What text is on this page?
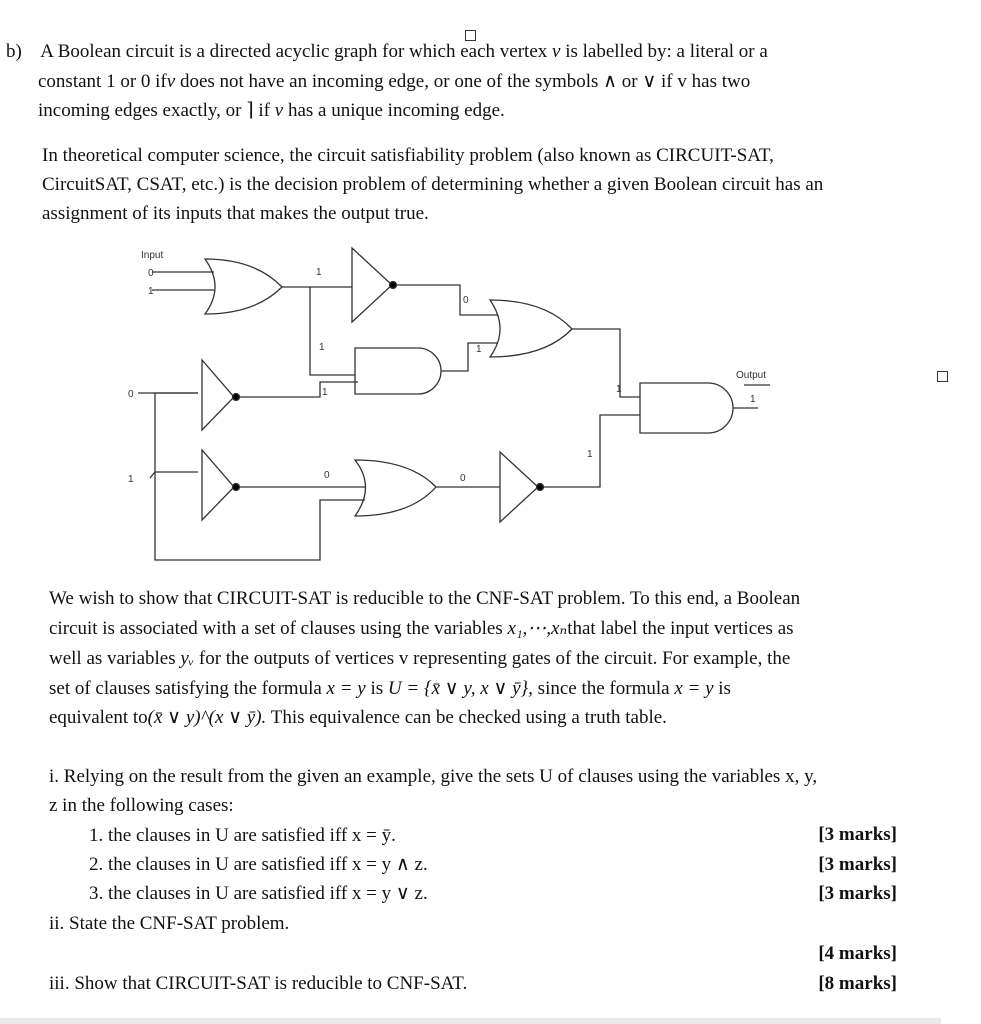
b) A Boolean circuit is a directed acyclic graph for which each vertex v is labelled by: a literal or a
constant 1 or 0 ifv does not have an incoming edge, or one of the symbols ∧ or ∨ if v has two
incoming edges exactly, or ⌉ if v has a unique incoming edge.
In theoretical computer science, the circuit satisfiability problem (also known as CIRCUIT-SAT,
CircuitSAT, CSAT, etc.) is the decision problem of determining whether a given Boolean circuit has an
assignment of its inputs that makes the output true.
Input
0
1
0
1
1
0
1
1
1
0	0
1
1
Output
1
We wish to show that CIRCUIT-SAT is reducible to the CNF-SAT problem. To this end, a Boolean
circuit is associated with a set of clauses using the variables x₁,⋯,xₙthat label the input vertices as
well as variables yᵥ for the outputs of vertices v representing gates of the circuit. For example, the
set of clauses satisfying the formula x = y is U = {x̄ ∨ y, x ∨ ȳ}, since the formula x = y is
equivalent to(x̄ ∨ y)^(x ∨ ȳ). This equivalence can be checked using a truth table.
i. Relying on the result from the given an example, give the sets U of clauses using the variables x, y,
z in the following cases:
1. the clauses in U are satisfied iff x = ȳ.	[3 marks]
2. the clauses in U are satisfied iff x = y ∧ z.	[3 marks]
3. the clauses in U are satisfied iff x = y ∨ z.	[3 marks]
ii. State the CNF-SAT problem.
[4 marks]
iii. Show that CIRCUIT-SAT is reducible to CNF-SAT.	[8 marks]
